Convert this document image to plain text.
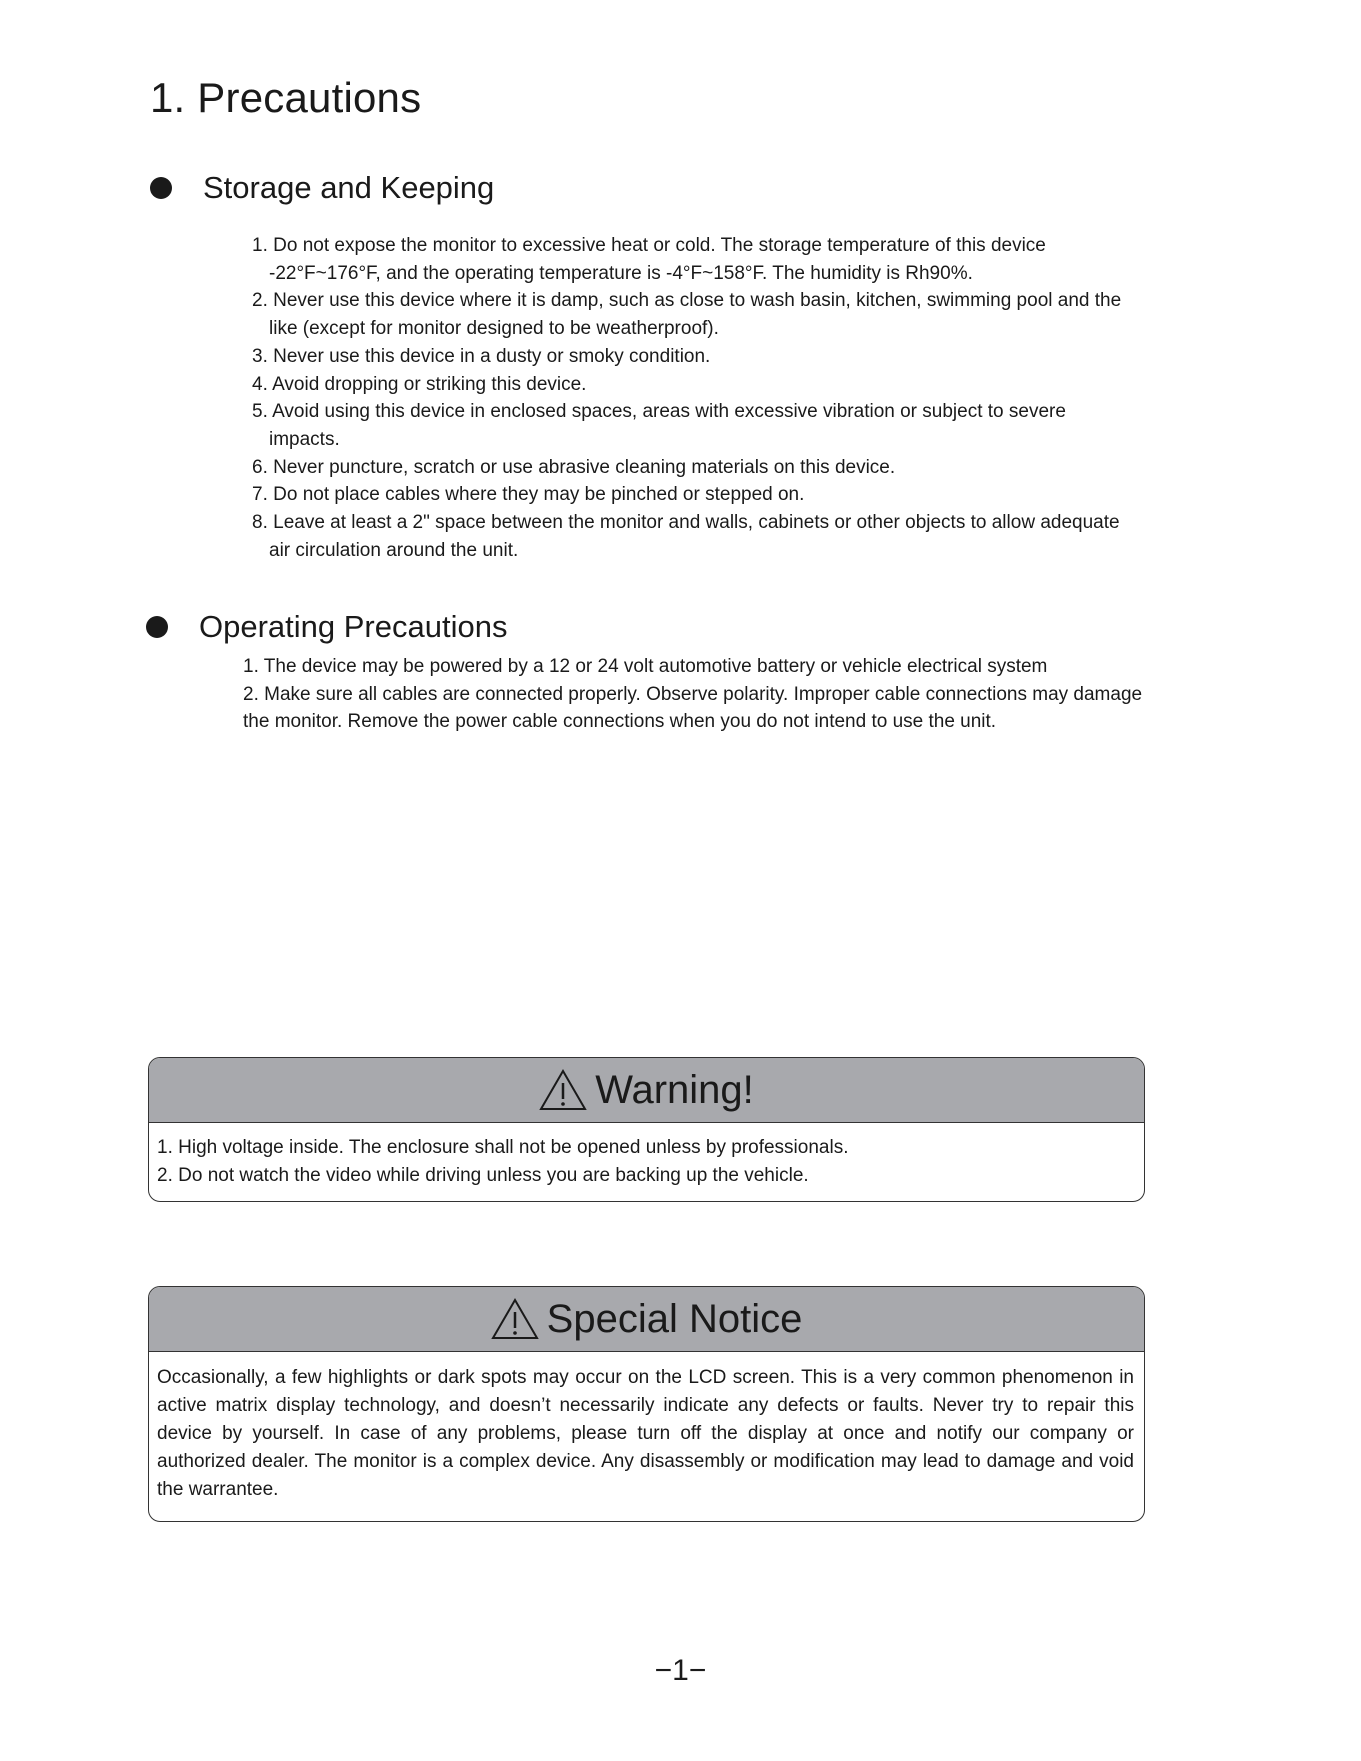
1. Precautions
Storage and Keeping
1. Do not expose the monitor to excessive heat or cold. The storage temperature of this device -22°F~176°F, and the operating temperature is -4°F~158°F. The humidity is Rh90%.
2. Never use this device where it is damp, such as close to wash basin, kitchen, swimming pool and the like (except for monitor designed to be weatherproof).
3. Never use this device in a dusty or smoky condition.
4. Avoid dropping or striking this device.
5. Avoid using this device in enclosed spaces, areas with excessive vibration or subject to severe impacts.
6. Never puncture, scratch or use abrasive cleaning materials on this device.
7. Do not place cables where they may be pinched or stepped on.
8. Leave at least a 2" space between the monitor and walls, cabinets or other objects to allow adequate air circulation around the unit.
Operating Precautions
1. The device may be powered by a 12 or 24 volt automotive battery or vehicle electrical system
2. Make sure all cables are connected properly. Observe polarity. Improper cable connections may damage the monitor. Remove the power cable connections when you do not intend to use the unit.
Warning!

1. High voltage inside. The enclosure shall not be opened unless by professionals.

2. Do not watch the video while driving unless you are backing up the vehicle.

Special Notice

Occasionally, a few highlights or dark spots may occur on the LCD screen. This is a very common phenomenon in active matrix display technology, and doesn’t necessarily indicate any defects or faults. Never try to repair this device by yourself. In case of any problems, please turn off the display at once and notify our company or authorized dealer. The monitor is a complex device. Any disassembly or modification may lead to damage and void the warrantee.

−1−
